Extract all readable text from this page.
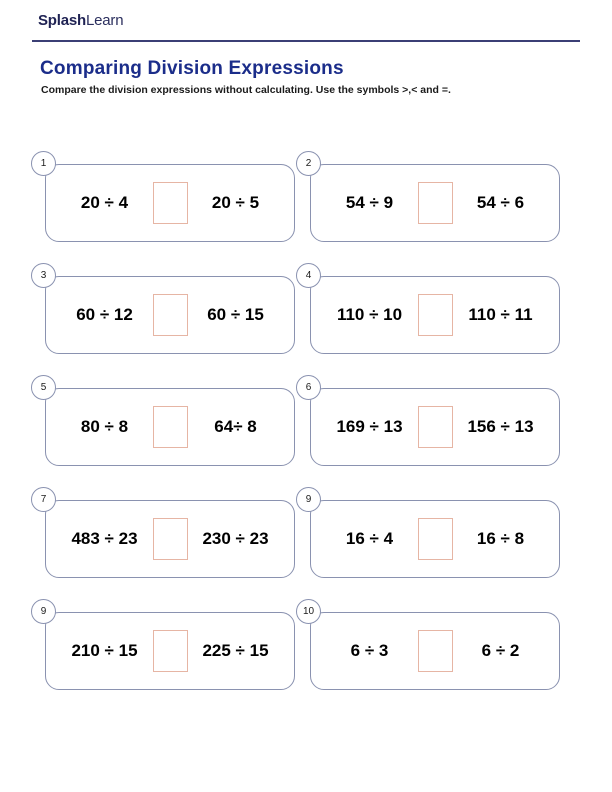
SplashLearn
Comparing Division Expressions
Compare the division expressions without calculating. Use the symbols >,< and =.
1
20 ÷ 4	20 ÷ 5
2
54 ÷ 9	54 ÷ 6
3
60 ÷ 12	60 ÷ 15
4
110 ÷ 10	110 ÷ 11
5
80 ÷ 8	64÷ 8
6
169 ÷ 13	156 ÷ 13
7
483 ÷ 23	230 ÷ 23
9
16 ÷ 4	16 ÷ 8
9
210 ÷ 15	225 ÷ 15
10
6 ÷ 3	6 ÷ 2
